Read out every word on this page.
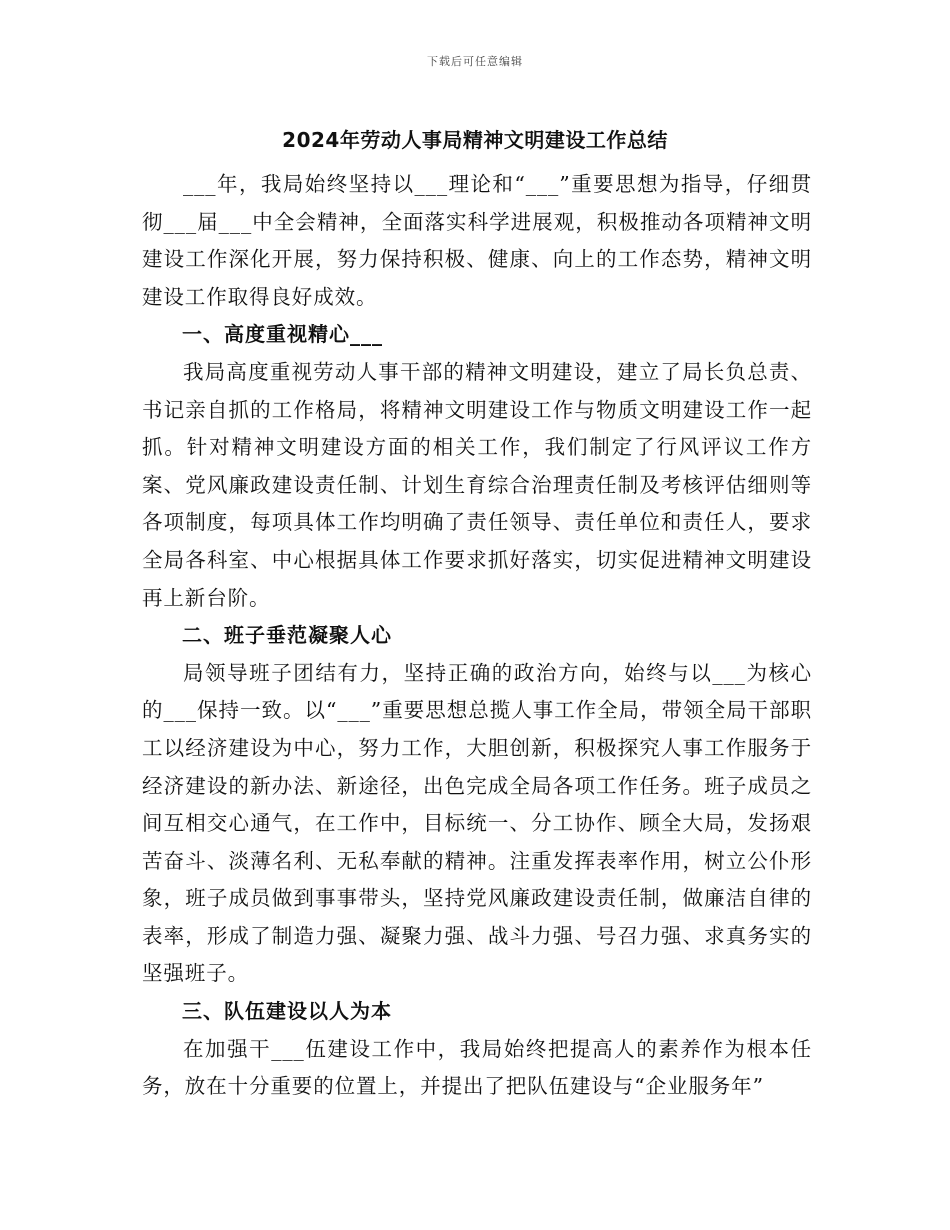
下载后可任意编辑
2024年劳动人事局精神文明建设工作总结

___年，我局始终坚持以___理论和“___”重要思想为指导，仔细贯彻___届___中全会精神，全面落实科学进展观，积极推动各项精神文明建设工作深化开展，努力保持积极、健康、向上的工作态势，精神文明建设工作取得良好成效。

一、高度重视精心___

我局高度重视劳动人事干部的精神文明建设，建立了局长负总责、书记亲自抓的工作格局，将精神文明建设工作与物质文明建设工作一起抓。针对精神文明建设方面的相关工作，我们制定了行风评议工作方案、党风廉政建设责任制、计划生育综合治理责任制及考核评估细则等各项制度，每项具体工作均明确了责任领导、责任单位和责任人，要求全局各科室、中心根据具体工作要求抓好落实，切实促进精神文明建设再上新台阶。

二、班子垂范凝聚人心

局领导班子团结有力，坚持正确的政治方向，始终与以___为核心的___保持一致。以“___”重要思想总揽人事工作全局，带领全局干部职工以经济建设为中心，努力工作，大胆创新，积极探究人事工作服务于经济建设的新办法、新途径，出色完成全局各项工作任务。班子成员之间互相交心通气，在工作中，目标统一、分工协作、顾全大局，发扬艰苦奋斗、淡薄名利、无私奉献的精神。注重发挥表率作用，树立公仆形象，班子成员做到事事带头，坚持党风廉政建设责任制，做廉洁自律的表率，形成了制造力强、凝聚力强、战斗力强、号召力强、求真务实的坚强班子。

三、队伍建设以人为本

在加强干___伍建设工作中，我局始终把提高人的素养作为根本任务，放在十分重要的位置上，并提出了把队伍建设与“企业服务年”
